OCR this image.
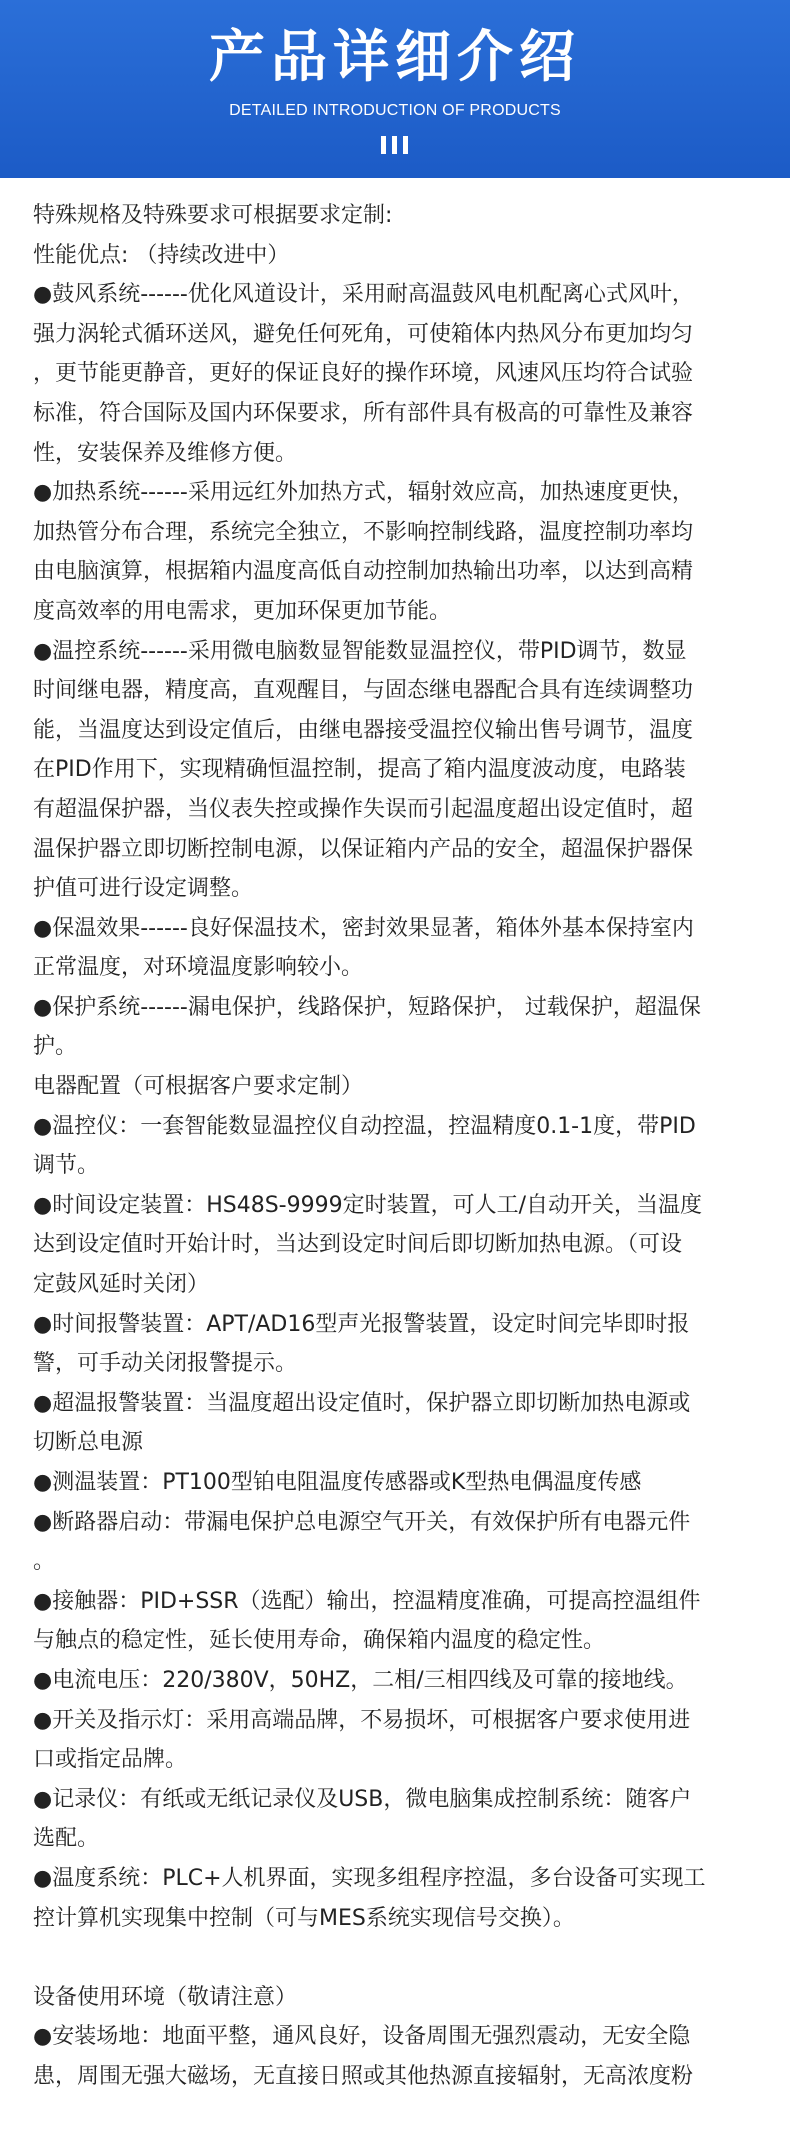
产品详细介绍
DETAILED INTRODUCTION OF PRODUCTS

特殊规格及特殊要求可根据要求定制:

性能优点: （持续改进中）

●鼓风系统------优化风道设计，采用耐高温鼓风电机配离心式风叶，

强力涡轮式循环送风，避免任何死角，可使箱体内热风分布更加均匀

，更节能更静音，更好的保证良好的操作环境，风速风压均符合试验

标准，符合国际及国内环保要求，所有部件具有极高的可靠性及兼容

性，安装保养及维修方便。

●加热系统------采用远红外加热方式，辐射效应高，加热速度更快，

加热管分布合理，系统完全独立，不影响控制线路，温度控制功率均

由电脑演算，根据箱内温度高低自动控制加热输出功率，以达到高精

度高效率的用电需求，更加环保更加节能。

●温控系统------采用微电脑数显智能数显温控仪，带PID调节，数显

时间继电器，精度高，直观醒目，与固态继电器配合具有连续调整功

能，当温度达到设定值后，由继电器接受温控仪输出售号调节，温度

在PID作用下，实现精确恒温控制，提高了箱内温度波动度，电路装

有超温保护器，当仪表失控或操作失误而引起温度超出设定值时，超

温保护器立即切断控制电源，以保证箱内产品的安全，超温保护器保

护值可进行设定调整。

●保温效果------良好保温技术，密封效果显著，箱体外基本保持室内

正常温度，对环境温度影响较小。

●保护系统------漏电保护，线路保护，短路保护， 过载保护，超温保

护。

电器配置（可根据客户要求定制）

●温控仪：一套智能数显温控仪自动控温，控温精度0.1-1度，带PID

调节。

●时间设定装置：HS48S-9999定时装置，可人工/自动开关，当温度

达到设定值时开始计时，当达到设定时间后即切断加热电源。（可设

定鼓风延时关闭）

●时间报警装置：APT/AD16型声光报警装置，设定时间完毕即时报

警，可手动关闭报警提示。

●超温报警装置：当温度超出设定值时，保护器立即切断加热电源或

切断总电源

●测温装置：PT100型铂电阻温度传感器或K型热电偶温度传感

●断路器启动：带漏电保护总电源空气开关，有效保护所有电器元件

。

●接触器：PID+SSR（选配）输出，控温精度准确，可提高控温组件

与触点的稳定性，延长使用寿命，确保箱内温度的稳定性。

●电流电压：220/380V，50HZ，二相/三相四线及可靠的接地线。

●开关及指示灯：采用高端品牌，不易损坏，可根据客户要求使用进

口或指定品牌。

●记录仪：有纸或无纸记录仪及USB，微电脑集成控制系统：随客户

选配。

●温度系统：PLC+人机界面，实现多组程序控温，多台设备可实现工

控计算机实现集中控制（可与MES系统实现信号交换）。

设备使用环境（敬请注意）

●安装场地：地面平整，通风良好，设备周围无强烈震动，无安全隐

患，周围无强大磁场，无直接日照或其他热源直接辐射，无高浓度粉
